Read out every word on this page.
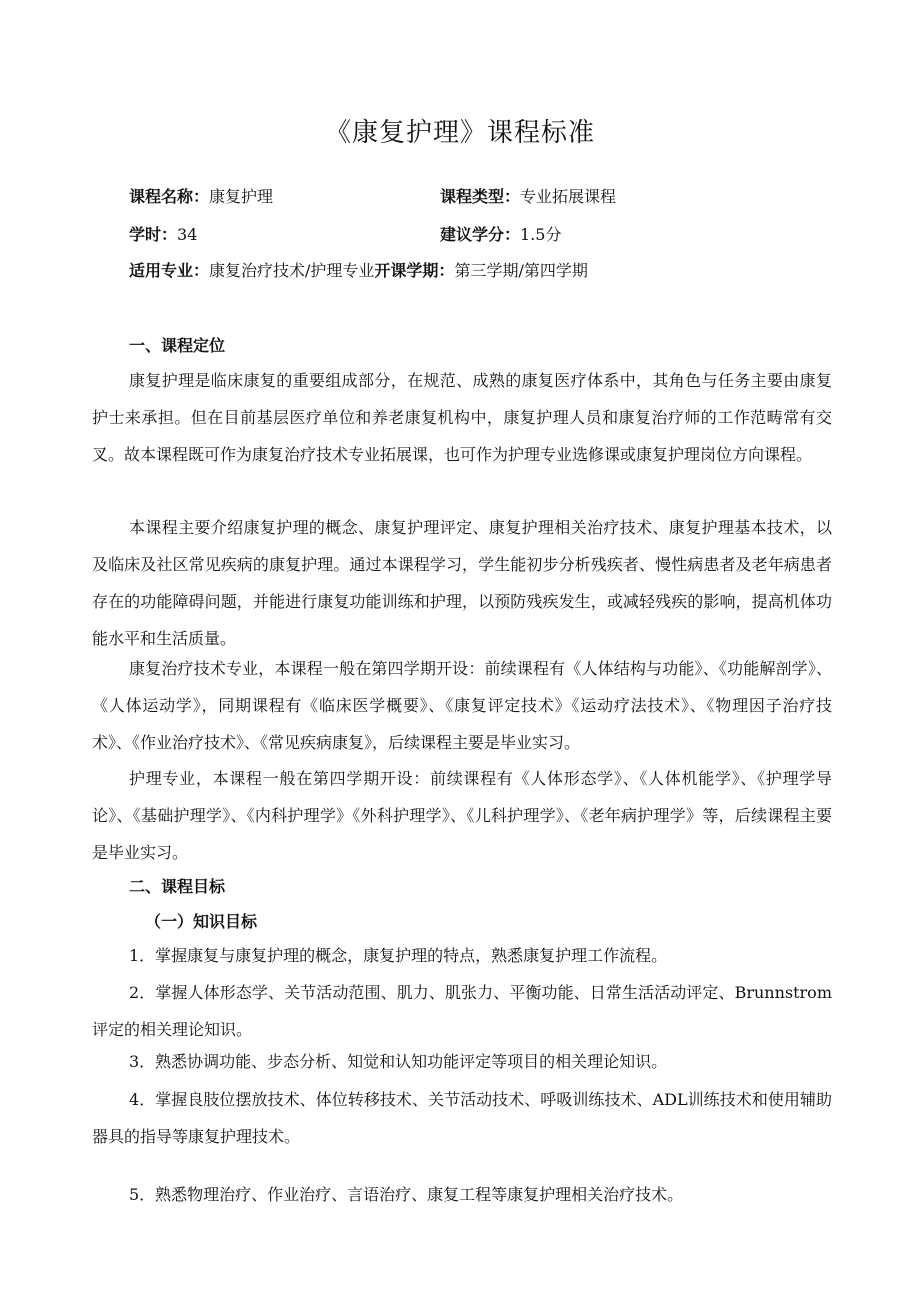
《康复护理》课程标准
课程名称：康复护理	课程类型：专业拓展课程
学时：34	建议学分：1.5分
适用专业：康复治疗技术/护理专业开课学期：第三学期/第四学期
一、课程定位
康复护理是临床康复的重要组成部分，在规范、成熟的康复医疗体系中，其角色与任务主要由康复护士来承担。但在目前基层医疗单位和养老康复机构中，康复护理人员和康复治疗师的工作范畴常有交叉。故本课程既可作为康复治疗技术专业拓展课，也可作为护理专业选修课或康复护理岗位方向课程。
本课程主要介绍康复护理的概念、康复护理评定、康复护理相关治疗技术、康复护理基本技术，以及临床及社区常见疾病的康复护理。通过本课程学习，学生能初步分析残疾者、慢性病患者及老年病患者存在的功能障碍问题，并能进行康复功能训练和护理，以预防残疾发生，或减轻残疾的影响，提高机体功能水平和生活质量。
康复治疗技术专业，本课程一般在第四学期开设：前续课程有《人体结构与功能》、《功能解剖学》、《人体运动学》，同期课程有《临床医学概要》、《康复评定技术》《运动疗法技术》、《物理因子治疗技术》、《作业治疗技术》、《常见疾病康复》，后续课程主要是毕业实习。
护理专业，本课程一般在第四学期开设：前续课程有《人体形态学》、《人体机能学》、《护理学导论》、《基础护理学》、《内科护理学》《外科护理学》、《儿科护理学》、《老年病护理学》等，后续课程主要是毕业实习。
二、课程目标
（一）知识目标
1．掌握康复与康复护理的概念，康复护理的特点，熟悉康复护理工作流程。
2．掌握人体形态学、关节活动范围、肌力、肌张力、平衡功能、日常生活活动评定、Brunnstrom评定的相关理论知识。
3．熟悉协调功能、步态分析、知觉和认知功能评定等项目的相关理论知识。
4．掌握良肢位摆放技术、体位转移技术、关节活动技术、呼吸训练技术、ADL训练技术和使用辅助器具的指导等康复护理技术。
5．熟悉物理治疗、作业治疗、言语治疗、康复工程等康复护理相关治疗技术。
